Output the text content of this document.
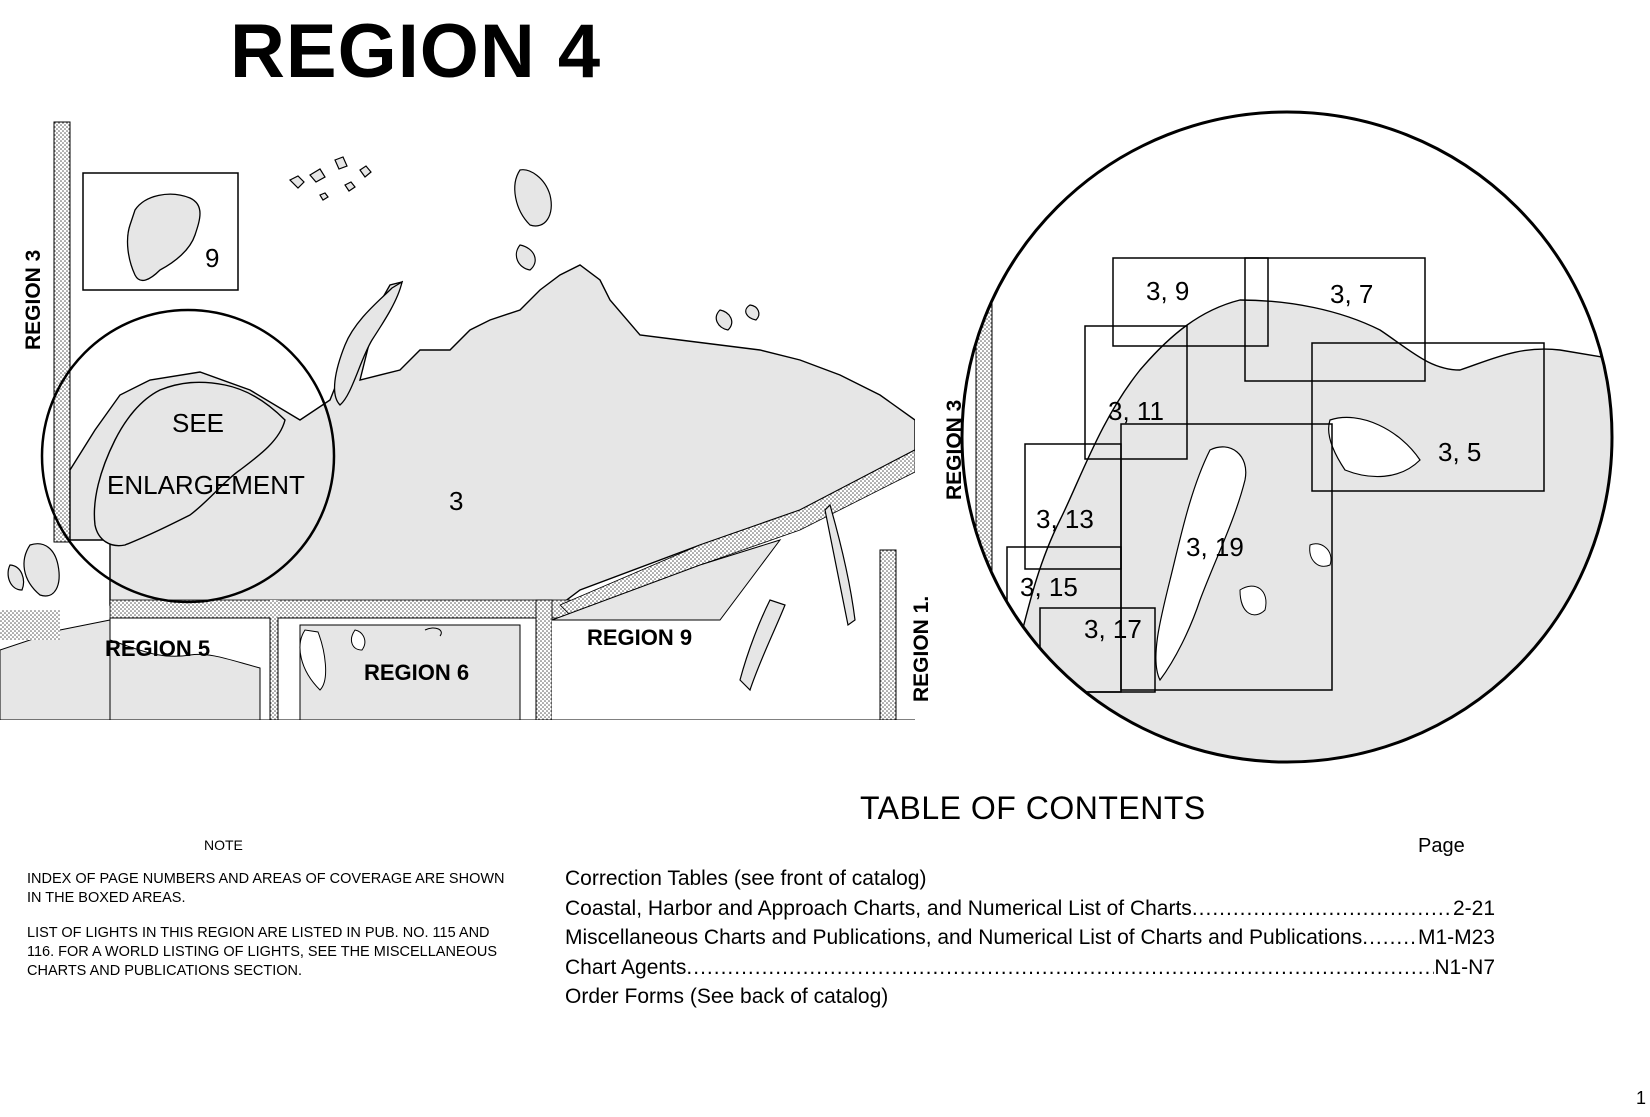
REGION 4
REGION 3
SEE
ENLARGEMENT
3
9
REGION 5
REGION 6
REGION 9	REGION 1.
REGION 3
3, 9	3, 7
3, 11
3, 5
3, 13
3, 19
3, 15
3, 17
TABLE OF CONTENTS
Page
Correction Tables (see front of catalog)
Coastal, Harbor and Approach Charts, and Numerical List of Charts .....	2-21
Miscellaneous Charts and Publications, and Numerical List of Charts and Publications .....	M1-M23
Chart Agents .....	N1-N7
Order Forms (See back of catalog)
NOTE

INDEX OF PAGE NUMBERS AND AREAS OF COVERAGE ARE SHOWN IN THE BOXED AREAS.

LIST OF LIGHTS IN THIS REGION ARE LISTED IN PUB. NO. 115 AND 116. FOR A WORLD LISTING OF LIGHTS, SEE THE MISCELLANEOUS CHARTS AND PUBLICATIONS SECTION.

1
